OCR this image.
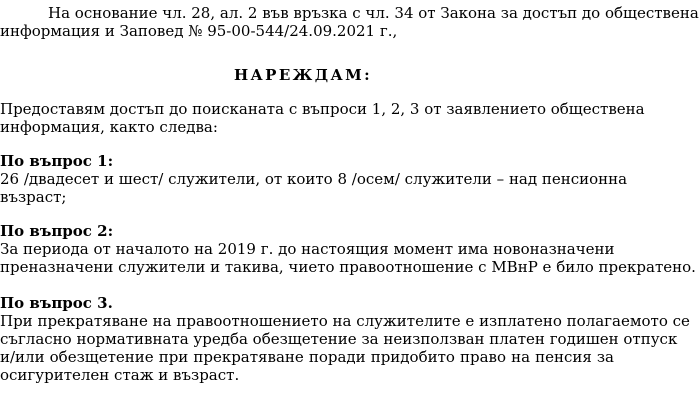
На основание чл. 28, ал. 2 във връзка с чл. 34 от Закона за достъп до обществена
информация и Заповед № 95-00-544/24.09.2021 г.,
НАРЕЖДАМ:
Предоставям достъп до поисканата с въпроси 1, 2, 3 от заявлението обществена
информация, както следва:
По въпрос 1:
26 /двадесет и шест/ служители, от които 8 /осем/ служители – над пенсионна
възраст;
По въпрос 2:
За периода от началото на 2019 г. до настоящия момент има новоназначени
преназначени служители и такива, чието правоотношение с МВнР е било прекратено.
По въпрос 3.
При прекратяване на правоотношението на служителите е изплатено полагаемото се
съгласно нормативната уредба обезщетение за неизползван платен годишен отпуск
и/или обезщетение при прекратяване поради придобито право на пенсия за
осигурителен стаж и възраст.
